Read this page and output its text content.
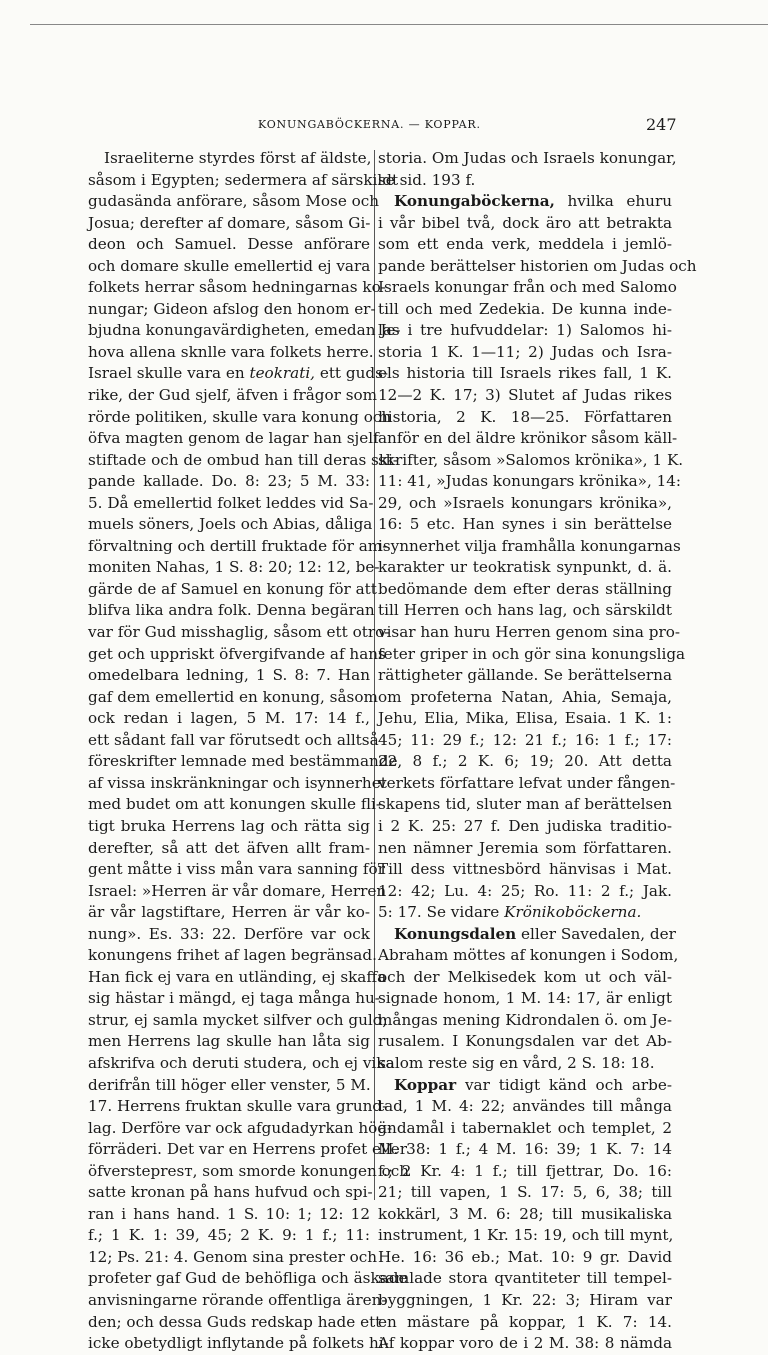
KONUNGABÖCKERNA. — KOPPAR.	247
Israeliterne styrdes först af äldste,
såsom i Egypten; sedermera af särskildt
gudasända anförare, såsom Mose och
Josua; derefter af domare, såsom Gi-
deon och Samuel. Desse anförare
och domare skulle emellertid ej vara
folkets herrar såsom hedningarnas ko-
nungar; Gideon afslog den honom er-
bjudna konungavärdigheten, emedan Je-
hova allena sknlle vara folkets herre.
Israel skulle vara en teokrati, ett guds-
rike, der Gud sjelf, äfven i frågor som
rörde politiken, skulle vara konung och
öfva magten genom de lagar han sjelf
stiftade och de ombud han till deras ski-
pande kallade. Do. 8: 23; 5 M. 33:
5. Då emellertid folket leddes vid Sa-
muels söners, Joels och Abias, dåliga
förvaltning och dertill fruktade för am-
moniten Nahas, 1 S. 8: 20; 12: 12, be-
gärde de af Samuel en konung för att
blifva lika andra folk. Denna begäran
var för Gud misshaglig, såsom ett otro-
get och uppriskt öfvergifvande af hans
omedelbara ledning, 1 S. 8: 7. Han
gaf dem emellertid en konung, såsom
ock redan i lagen, 5 M. 17: 14 f.,
ett sådant fall var förutsedt och alltså
föreskrifter lemnade med bestämmande
af vissa inskränkningar och isynnerhet
med budet om att konungen skulle fli-
tigt bruka Herrens lag och rätta sig
derefter, så att det äfven allt fram-
gent måtte i viss mån vara sanning för
Israel: »Herren är vår domare, Herren
är vår lagstiftare, Herren är vår ko-
nung». Es. 33: 22. Derföre var ock
konungens frihet af lagen begränsad.
Han fick ej vara en utländing, ej skaffa
sig hästar i mängd, ej taga många hu-
strur, ej samla mycket silfver och guld;
men Herrens lag skulle han låta sig
afskrifva och deruti studera, och ej vika
derifrån till höger eller venster, 5 M.
17. Herrens fruktan skulle vara grund-
lag. Derföre var ock afgudadyrkan hög-
förräderi. Det var en Herrens profet eller
öfverstepresт, som smorde konungen och
satte kronan på hans hufvud och spi-
ran i hans hand. 1 S. 10: 1; 12: 12
f.; 1 K. 1: 39, 45; 2 K. 9: 1 f.; 11:
12; Ps. 21: 4. Genom sina prester och
profeter gaf Gud de behöfliga och äskade
anvisningarne rörande offentliga ären-
den; och dessa Guds redskap hade ett
icke obetydligt inflytande på folkets hi-
storia. Om Judas och Israels konungar,
se sid. 193 f.
Konungaböckerna, hvilka ehuru
i vår bibel två, dock äro att betrakta
som ett enda verk, meddela i jemlö-
pande berättelser historien om Judas och
Israels konungar från och med Salomo
till och med Zedekia. De kunna inde-
las i tre hufvuddelar: 1) Salomos hi-
storia 1 K. 1—11; 2) Judas och Isra-
els historia till Israels rikes fall, 1 K.
12—2 K. 17; 3) Slutet af Judas rikes
historia, 2 K. 18—25. Författaren
anför en del äldre krönikor såsom käll-
skrifter, såsom »Salomos krönika», 1 K.
11: 41, »Judas konungars krönika», 14:
29, och »Israels konungars krönika»,
16: 5 etc. Han synes i sin berättelse
isynnerhet vilja framhålla konungarnas
karakter ur teokratisk synpunkt, d. ä.
bedömande dem efter deras ställning
till Herren och hans lag, och särskildt
visar han huru Herren genom sina pro-
feter griper in och gör sina konungsliga
rättigheter gällande. Se berättelserna
om profeterna Natan, Ahia, Semaja,
Jehu, Elia, Mika, Elisa, Esaia. 1 K. 1:
45; 11: 29 f.; 12: 21 f.; 16: 1 f.; 17:
22, 8 f.; 2 K. 6; 19; 20. Att detta
verkets författare lefvat under fången-
skapens tid, sluter man af berättelsen
i 2 K. 25: 27 f. Den judiska traditio-
nen nämner Jeremia som författaren.
Till dess vittnesbörd hänvisas i Mat.
12: 42; Lu. 4: 25; Ro. 11: 2 f.; Jak.
5: 17. Se vidare Krönikoböckerna.
Konungsdalen eller Savedalen, der
Abraham möttes af konungen i Sodom,
och der Melkisedek kom ut och väl-
signade honom, 1 M. 14: 17, är enligt
mångas mening Kidrondalen ö. om Je-
rusalem. I Konungsdalen var det Ab-
salom reste sig en vård, 2 S. 18: 18.
Koppar var tidigt känd och arbe-
tad, 1 M. 4: 22; användes till många
ändamål i tabernaklet och templet, 2
M. 38: 1 f.; 4 M. 16: 39; 1 K. 7: 14
f.; 2 Kr. 4: 1 f.; till fjettrar, Do. 16:
21; till vapen, 1 S. 17: 5, 6, 38; till
kokkärl, 3 M. 6: 28; till musikaliska
instrument, 1 Kr. 15: 19, och till mynt,
He. 16: 36 eb.; Mat. 10: 9 gr. David
samlade stora qvantiteter till tempel-
byggningen, 1 Kr. 22: 3; Hiram var
en mästare på koppar, 1 K. 7: 14.
Af koppar voro de i 2 M. 38: 8 nämda
